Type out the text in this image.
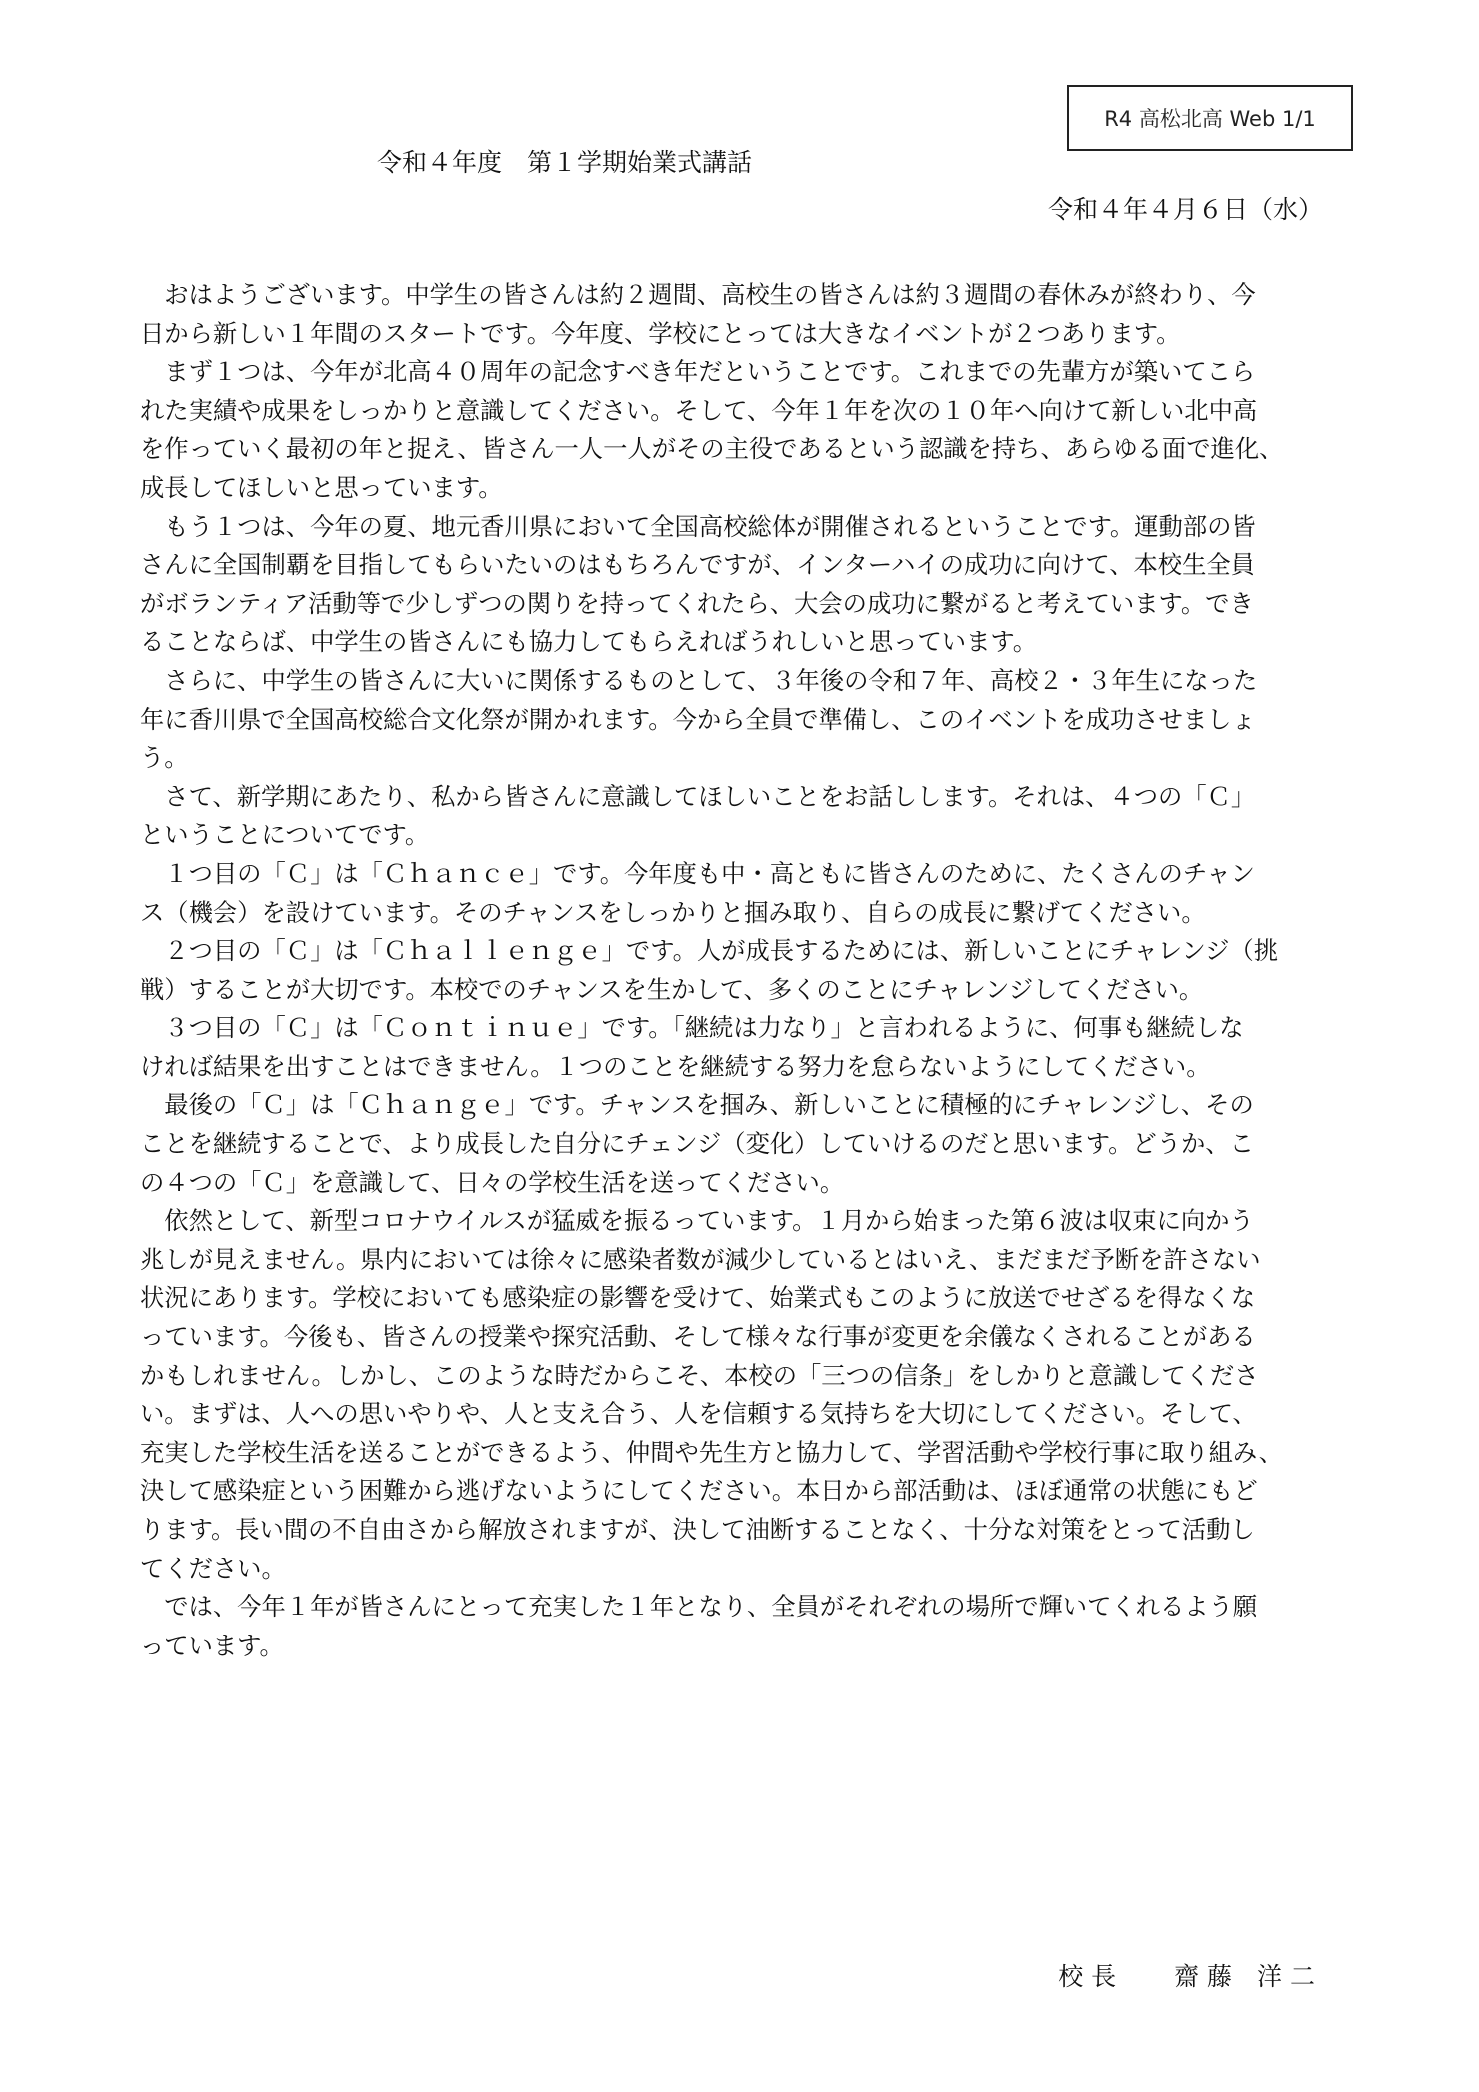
R4 高松北高 Web 1/1
令和４年度　第１学期始業式講話
令和４年４月６日（水）
　おはようございます。中学生の皆さんは約２週間、高校生の皆さんは約３週間の春休みが終わり、今
日から新しい１年間のスタートです。今年度、学校にとっては大きなイベントが２つあります。
　まず１つは、今年が北高４０周年の記念すべき年だということです。これまでの先輩方が築いてこら
れた実績や成果をしっかりと意識してください。そして、今年１年を次の１０年へ向けて新しい北中高
を作っていく最初の年と捉え、皆さん一人一人がその主役であるという認識を持ち、あらゆる面で進化、
成長してほしいと思っています。
　もう１つは、今年の夏、地元香川県において全国高校総体が開催されるということです。運動部の皆
さんに全国制覇を目指してもらいたいのはもちろんですが、インターハイの成功に向けて、本校生全員
がボランティア活動等で少しずつの関りを持ってくれたら、大会の成功に繋がると考えています。でき
ることならば、中学生の皆さんにも協力してもらえればうれしいと思っています。
　さらに、中学生の皆さんに大いに関係するものとして、３年後の令和７年、高校２・３年生になった
年に香川県で全国高校総合文化祭が開かれます。今から全員で準備し、このイベントを成功させましょ
う。
　さて、新学期にあたり、私から皆さんに意識してほしいことをお話しします。それは、４つの「Ｃ」
ということについてです。
　１つ目の「Ｃ」は「Ｃｈａｎｃｅ」です。今年度も中・高ともに皆さんのために、たくさんのチャン
ス（機会）を設けています。そのチャンスをしっかりと掴み取り、自らの成長に繋げてください。
　２つ目の「Ｃ」は「Ｃｈａｌｌｅｎｇｅ」です。人が成長するためには、新しいことにチャレンジ（挑
戦）することが大切です。本校でのチャンスを生かして、多くのことにチャレンジしてください。
　３つ目の「Ｃ」は「Ｃｏｎｔｉｎｕｅ」です。「継続は力なり」と言われるように、何事も継続しな
ければ結果を出すことはできません。１つのことを継続する努力を怠らないようにしてください。
　最後の「Ｃ」は「Ｃｈａｎｇｅ」です。チャンスを掴み、新しいことに積極的にチャレンジし、その
ことを継続することで、より成長した自分にチェンジ（変化）していけるのだと思います。どうか、こ
の４つの「Ｃ」を意識して、日々の学校生活を送ってください。
　依然として、新型コロナウイルスが猛威を振るっています。１月から始まった第６波は収束に向かう
兆しが見えません。県内においては徐々に感染者数が減少しているとはいえ、まだまだ予断を許さない
状況にあります。学校においても感染症の影響を受けて、始業式もこのように放送でせざるを得なくな
っています。今後も、皆さんの授業や探究活動、そして様々な行事が変更を余儀なくされることがある
かもしれません。しかし、このような時だからこそ、本校の「三つの信条」をしかりと意識してくださ
い。まずは、人への思いやりや、人と支え合う、人を信頼する気持ちを大切にしてください。そして、
充実した学校生活を送ることができるよう、仲間や先生方と協力して、学習活動や学校行事に取り組み、
決して感染症という困難から逃げないようにしてください。本日から部活動は、ほぼ通常の状態にもど
ります。長い間の不自由さから解放されますが、決して油断することなく、十分な対策をとって活動し
てください。
　では、今年１年が皆さんにとって充実した１年となり、全員がそれぞれの場所で輝いてくれるよう願
っています。
校 長　　 齋 藤　洋 二
